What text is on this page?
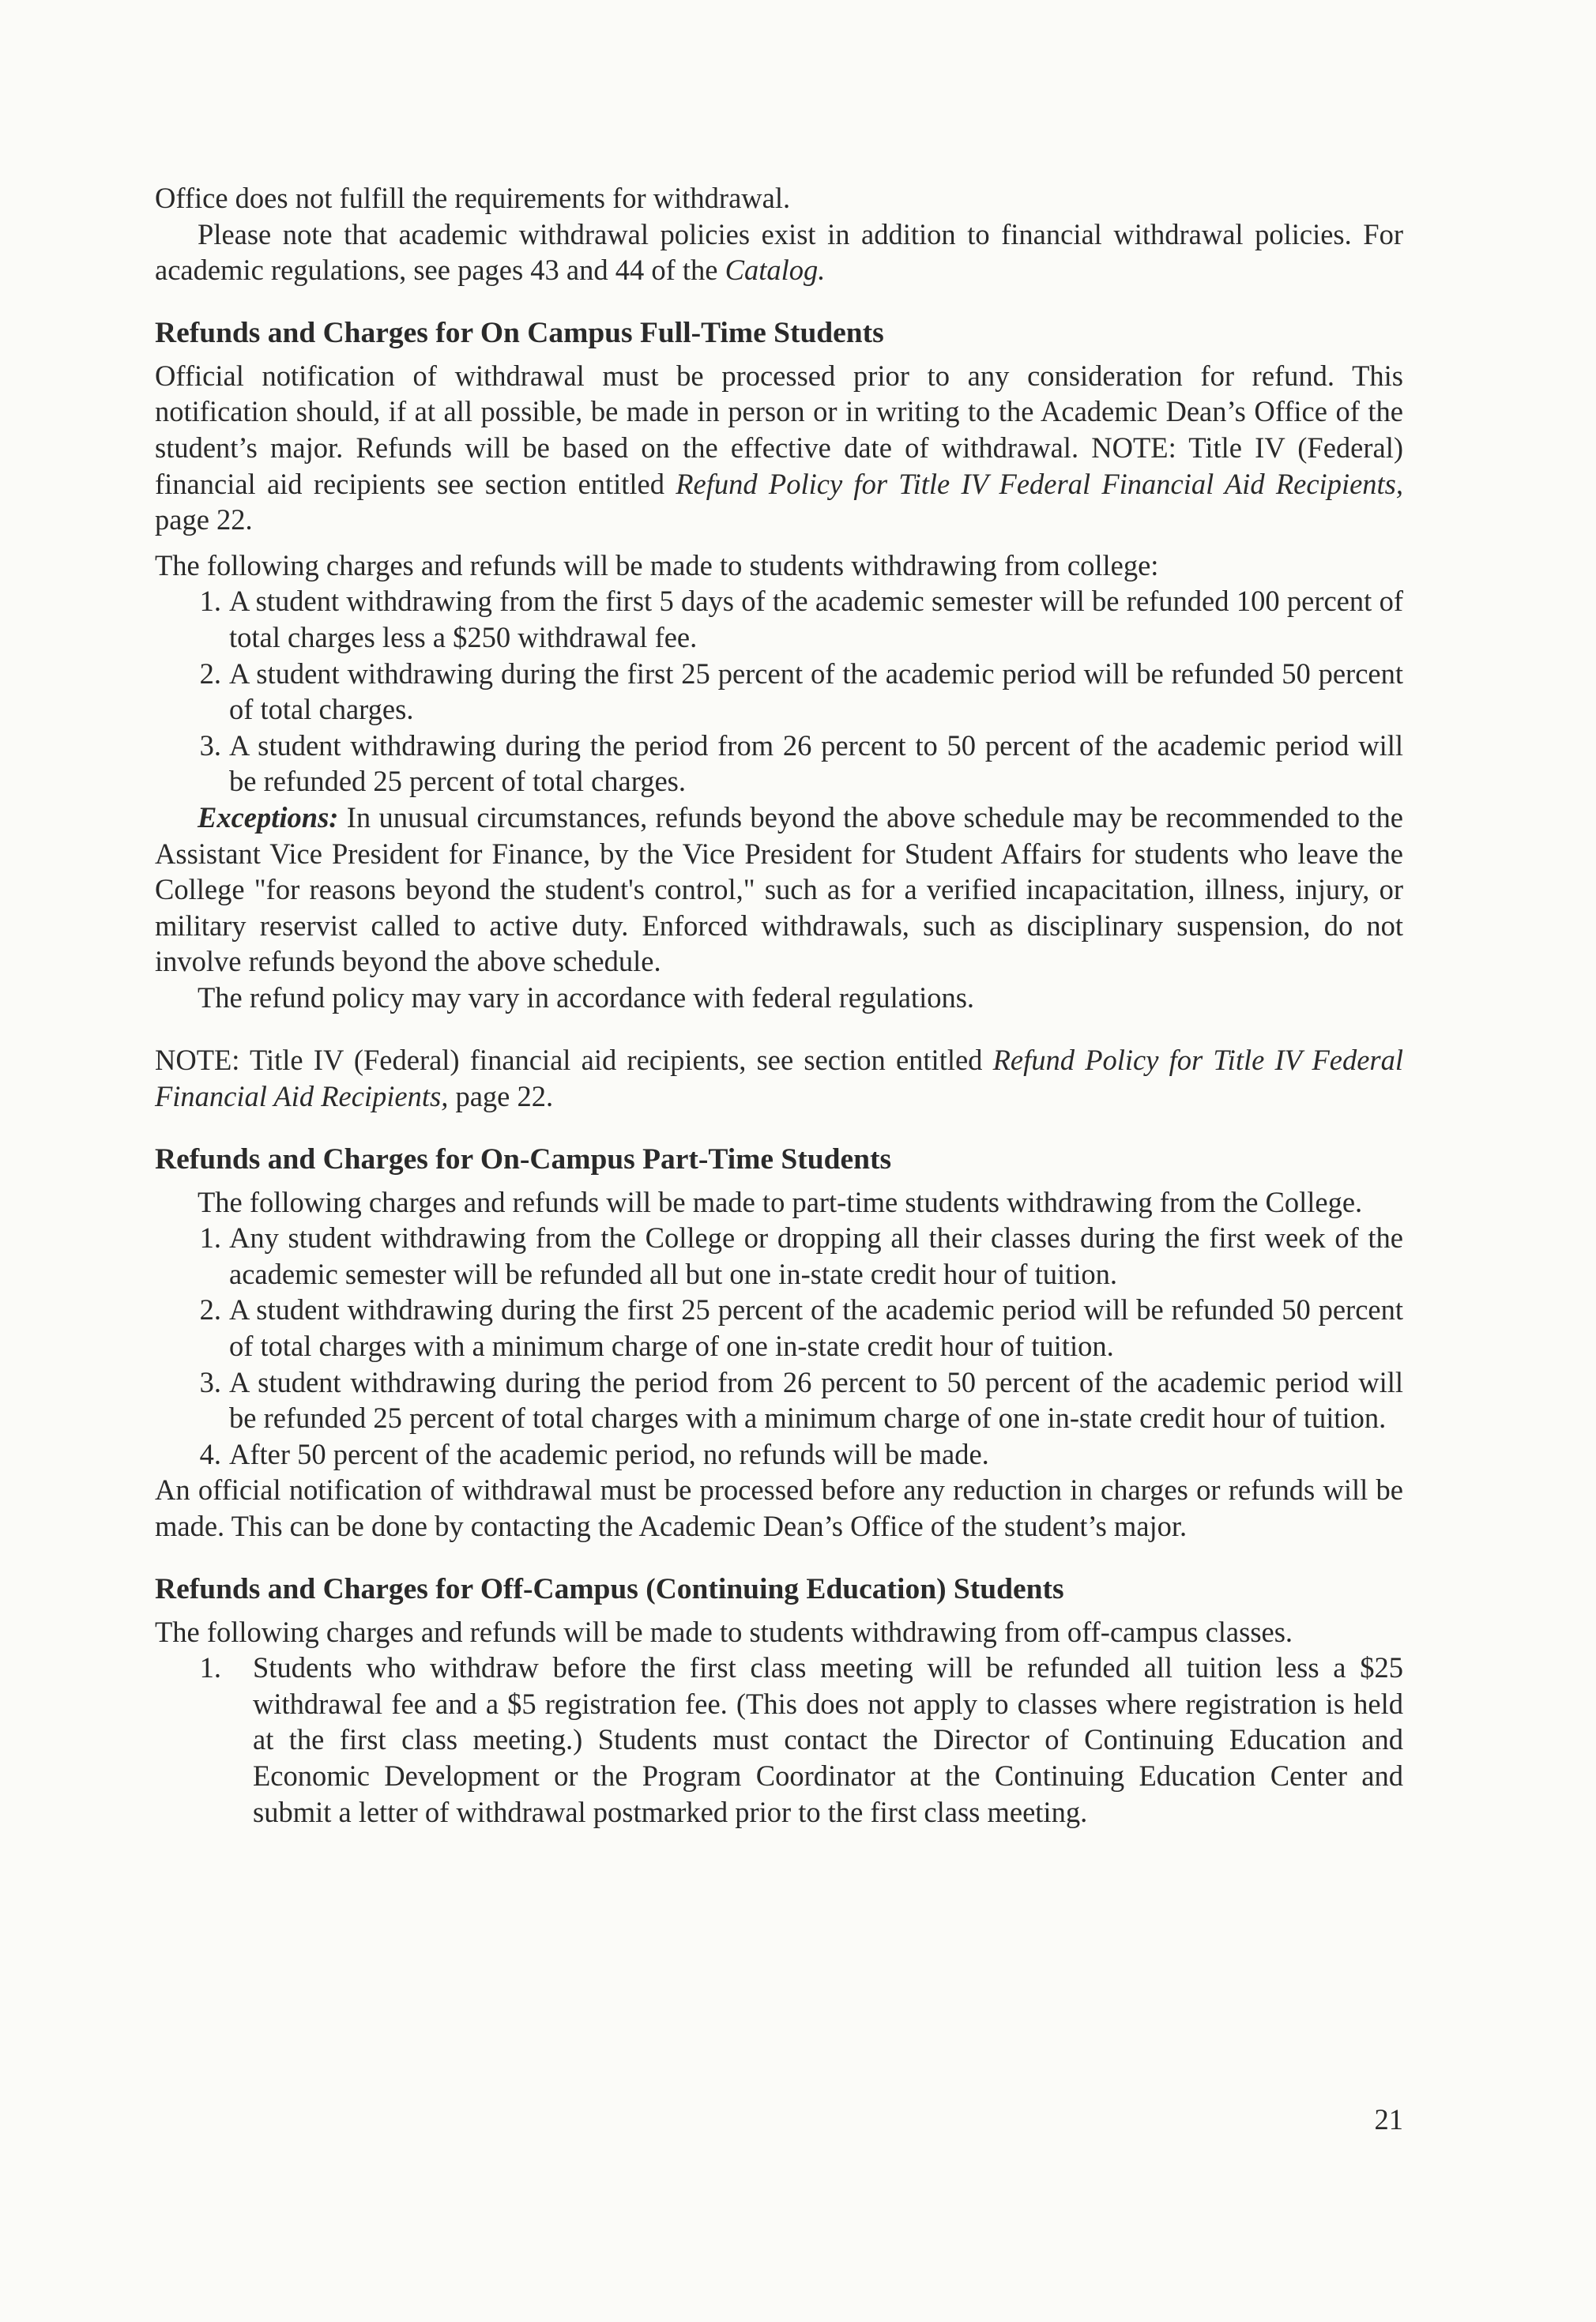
Office does not fulfill the requirements for withdrawal.

Please note that academic withdrawal policies exist in addition to financial withdrawal policies. For academic regulations, see pages 43 and 44 of the Catalog.

Refunds and Charges for On Campus Full-Time Students

Official notification of withdrawal must be processed prior to any consideration for refund. This notification should, if at all possible, be made in person or in writing to the Academic Dean’s Office of the student’s major. Refunds will be based on the effective date of withdrawal. NOTE: Title IV (Federal) financial aid recipients see section entitled Refund Policy for Title IV Federal Financial Aid Recipients, page 22.

The following charges and refunds will be made to students withdrawing from college:

1. A student withdrawing from the first 5 days of the academic semester will be refunded 100 percent of total charges less a $250 withdrawal fee.
2. A student withdrawing during the first 25 percent of the academic period will be refunded 50 percent of total charges.
3. A student withdrawing during the period from 26 percent to 50 percent of the academic period will be refunded 25 percent of total charges.

Exceptions: In unusual circumstances, refunds beyond the above schedule may be recommended to the Assistant Vice President for Finance, by the Vice President for Student Affairs for students who leave the College "for reasons beyond the student's control," such as for a verified incapacitation, illness, injury, or military reservist called to active duty. Enforced withdrawals, such as disciplinary suspension, do not involve refunds beyond the above schedule.

The refund policy may vary in accordance with federal regulations.

NOTE: Title IV (Federal) financial aid recipients, see section entitled Refund Policy for Title IV Federal Financial Aid Recipients, page 22.

Refunds and Charges for On-Campus Part-Time Students

The following charges and refunds will be made to part-time students withdrawing from the College.

1. Any student withdrawing from the College or dropping all their classes during the first week of the academic semester will be refunded all but one in-state credit hour of tuition.
2. A student withdrawing during the first 25 percent of the academic period will be refunded 50 percent of total charges with a minimum charge of one in-state credit hour of tuition.
3. A student withdrawing during the period from 26 percent to 50 percent of the academic period will be refunded 25 percent of total charges with a minimum charge of one in-state credit hour of tuition.
4. After 50 percent of the academic period, no refunds will be made.

An official notification of withdrawal must be processed before any reduction in charges or refunds will be made. This can be done by contacting the Academic Dean’s Office of the student’s major.

Refunds and Charges for Off-Campus (Continuing Education) Students

The following charges and refunds will be made to students withdrawing from off-campus classes.

1.	Students who withdraw before the first class meeting will be refunded all tuition less a $25 withdrawal fee and a $5 registration fee. (This does not apply to classes where registration is held at the first class meeting.) Students must contact the Director of Continuing Education and Economic Development or the Program Coordinator at the Continuing Education Center and submit a letter of withdrawal postmarked prior to the first class meeting.
21
